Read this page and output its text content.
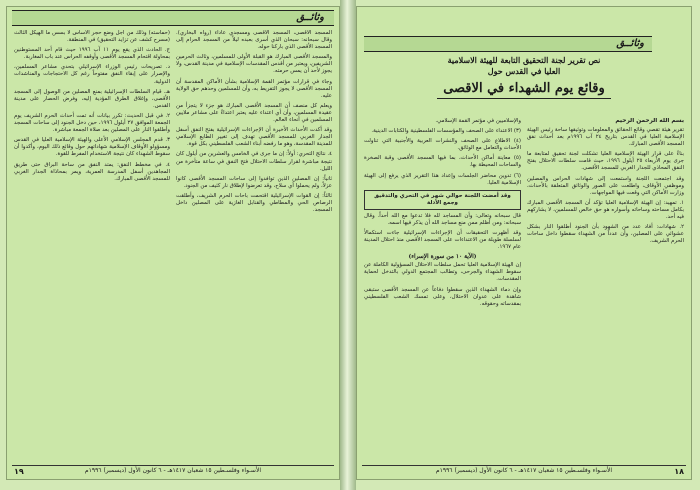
وثائــق

المسجد الأقصى، المسجد الأقصى ومسجدي عاداء (رواه البخاري). وقال سبحانه: سبحان الذي أسرى بعبده ليلاً من المسجد الحرام إلى المسجد الأقصى الذي باركنا حوله.

والمسجد الأقصى المبارك هو القبلة الأولى للمسلمين، وثالث الحرمين الشريفين، ويعتبر من أقدس المقدسات الإسلامية في مدينة القدس، ولا يجوز لأحد أن يمس حرمته.

وجاء في قرارات مؤتمر القمة الإسلامية بشأن الأماكن المقدسة أن المسجد الأقصى لا يجوز التفريط به، وأن للمسلمين وحدهم حق الولاية عليه.

ويعلم كل منصف أن المسجد الأقصى المبارك هو جزء لا يتجزأ من عقيدة المسلمين، وأن أي اعتداء عليه يعتبر اعتداءً على مشاعر ملايين المسلمين في أنحاء العالم.

وقد أكدت الأحداث الأخيرة أن الإجراءات الإسرائيلية بفتح النفق أسفل الجدار الغربي للمسجد الأقصى تهدف إلى تغيير الطابع الإسلامي للمدينة المقدسة، وهو ما رفضه أبناء الشعب الفلسطيني بكل قوة.

٤. نتائج التحري: أولاً: إن ما جرى في الخامس والعشرين من أيلول كان نتيجة مباشرة لقرار سلطات الاحتلال فتح النفق في ساعة متأخرة من الليل.

ثانياً: إن المصلين الذين توافدوا إلى ساحات المسجد الأقصى كانوا عزلاً، ولم يحملوا أي سلاح، وقد تعرضوا لإطلاق نار كثيف من الجنود.

ثالثاً: إن القوات الإسرائيلية اقتحمت باحات الحرم الشريف، وأطلقت الرصاص الحي والمطاطي والقنابل الغازية على المصلين داخل المسجد.

(حماسته) وذلك من أجل وضع حجر الأساس لا بسس ما الهيكل الثالث (مسرح كشف عن تزايد التحقيق) في المنطقة.

ج. الحادث الذي يقع يوم ١١ آب ١٩٩٦ حيث قام أحد المستوطنين بمحاولة اقتحام المسجد الأقصى وأوقفه الحراس عند باب المغاربة.

د. تصريحات رئيس الوزراء الإسرائيلي بتحدي مشاعر المسلمين، والإصرار على إبقاء النفق مفتوحاً رغم كل الاحتجاجات والمناشدات الدولية.

هـ. قيام السلطات الإسرائيلية بمنع المصلين من الوصول إلى المسجد الأقصى، وإغلاق الطرق المؤدية إليه، وفرض الحصار على مدينة القدس.

٢. في قبل الحديث: تكرر بيانات أنه تمت أحداث الحرم الشريف يوم الجمعة الموافق ٢٧ أيلول ١٩٩٦، حين دخل الجنود إلى ساحات المسجد وأطلقوا النار على المصلين بعد صلاة الجمعة مباشرة.

٣. قدم المجلس الإسلامي الأعلى والهيئة الإسلامية العليا في القدس ومسؤولو الأوقاف الإسلامية شهاداتهم حول وقائع ذلك اليوم، وأكدوا أن سقوط الشهداء كان نتيجة الاستخدام المفرط للقوة.

٤. في مخطط النفق: يمتد النفق من ساحة البراق حتى طريق المجاهدين أسفل المدرسة العمرية، ويمر بمحاذاة الجدار الغربي للمسجد الأقصى المبارك.

الأسـواء وفلسـطين ١٥ شعبان ١٤١٧هـ - ٦ كانون الأول (ديسمبر) ١٩٩٦م
١٩
وثائــق
نص تقرير لجنة التحقيق التابعة للهيئة الاسلامية
العليا في القدس حول
وقائع يوم الشهداء في الاقصى

بسم الله الرحمن الرحيم

تقرير هيئة تقصي وقائع الحقائق والمعلومات وتوثيقها ساحة رئيس الهيئة الإسلامية العليا في القدس بتاريخ ٢٤ آب ١٩٩٦م بعد أحداث نفق المسجد الأقصى المبارك.

بناءً على قرار الهيئة الإسلامية العليا تشكلت لجنة تحقيق لمتابعة ما جرى يوم الأربعاء ٢٥ أيلول ١٩٩٦، حيث قامت سلطات الاحتلال بفتح النفق المحاذي للجدار الغربي للمسجد الأقصى.

وقد اجتمعت اللجنة واستمعت إلى شهادات الحراس والمصلين وموظفي الأوقاف، واطلعت على الصور والوثائق المتعلقة بالأحداث، وزارت الأماكن التي وقعت فيها المواجهات.

١. تمهيد: إن الهيئة الإسلامية العليا تؤكد أن المسجد الأقصى المبارك بكامل مساحته وساحاته وأسواره هو حق خالص للمسلمين، لا يشاركهم فيه أحد.

٢. شهادات: أفاد عدد من الشهود بأن الجنود أطلقوا النار بشكل عشوائي على المصلين، وأن عدداً من الشهداء سقطوا داخل ساحات الحرم الشريف.

والإسلاميين في مؤتمر القمة الإسلامي.

(٣) الاعتداء على الصحف والمؤسسات الفلسطينية والكتابات الدينية.

(٤) الاطلاع على الصحف والنشرات العربية والأجنبية التي تناولت الأحداث والتعامل مع الوثائق.

(٥) معاينة أماكن الأحداث، بما فيها المسجد الأقصى وقبة الصخرة والساحات المحيطة بها.

(٦) تدوين محاضر الجلسات وإعداد هذا التقرير الذي يرفع إلى الهيئة الإسلامية العليا.

وقد أمضت اللجنة حوالي شهر في التحري والتدقيق وجمع الأدلة

قال سبحانه وتعالى: وأن المساجد لله فلا تدعوا مع الله أحداً. وقال سبحانه: ومن أظلم ممن منع مساجد الله أن يذكر فيها اسمه.

وقد أظهرت التحقيقات أن الإجراءات الإسرائيلية جاءت استكمالاً لسلسلة طويلة من الاعتداءات على المسجد الأقصى منذ احتلال المدينة عام ١٩٦٧.

(الآية ١٠ من سورة الإسراء)

إن الهيئة الإسلامية العليا تحمل سلطات الاحتلال المسؤولية الكاملة عن سقوط الشهداء والجرحى، وتطالب المجتمع الدولي بالتدخل لحماية المقدسات.

وإن دماء الشهداء الذين سقطوا دفاعاً عن المسجد الأقصى ستبقى شاهدة على عدوان الاحتلال، وعلى تمسك الشعب الفلسطيني بمقدساته وحقوقه.

الأسـواء وفلسـطين ١٥ شعبان ١٤١٧هـ - ٦ كانون الأول (ديسمبر) ١٩٩٦م	١٨
